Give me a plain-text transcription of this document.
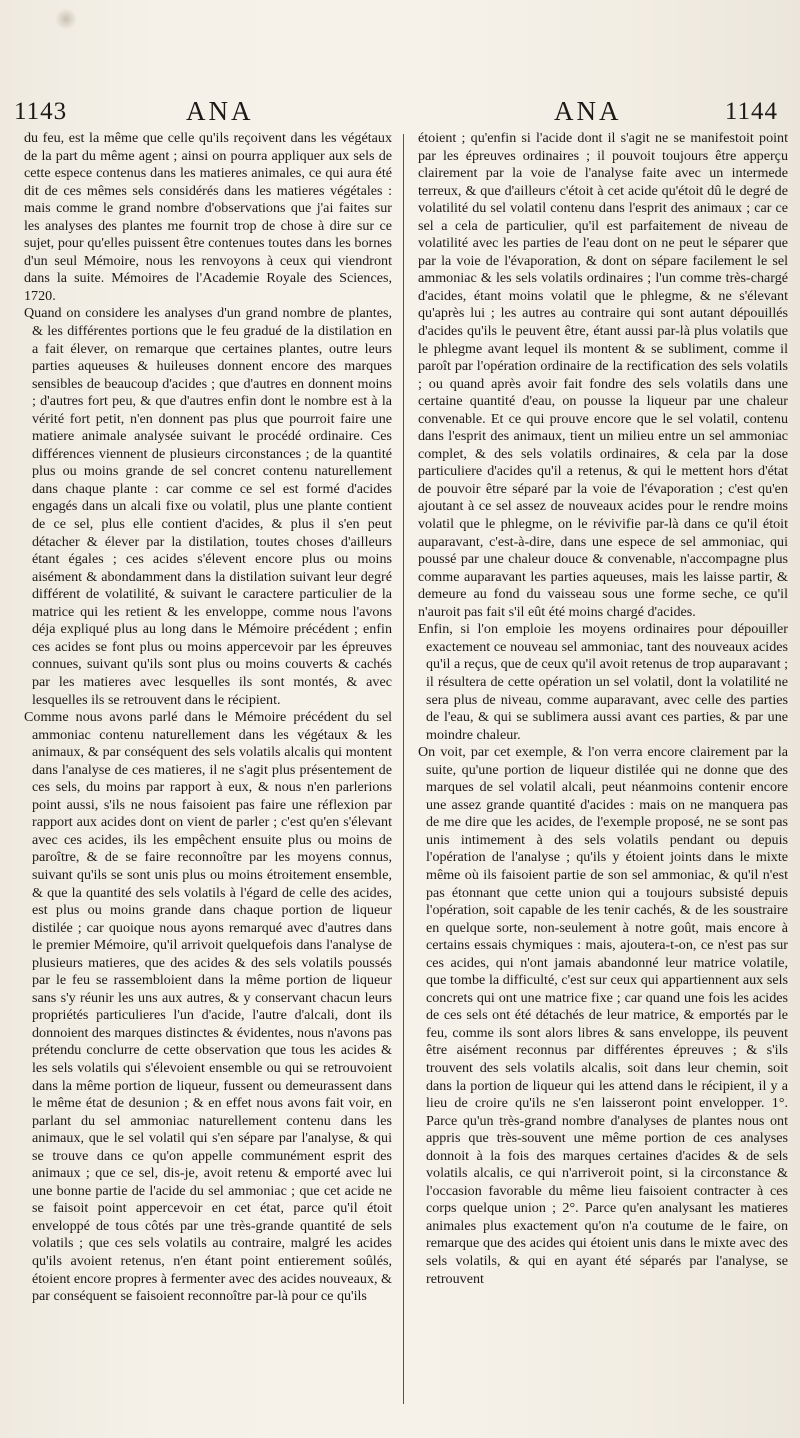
1143	ANA	ANA	1144

du feu, est la même que celle qu'ils reçoivent dans les végétaux de la part du même agent ; ainsi on pourra appliquer aux sels de cette espece contenus dans les matieres animales, ce qui aura été dit de ces mêmes sels considérés dans les matieres végétales : mais comme le grand nombre d'observations que j'ai faites sur les analyses des plantes me fournit trop de chose à dire sur ce sujet, pour qu'elles puissent être contenues toutes dans les bornes d'un seul Mémoire, nous les renvoyons à ceux qui viendront dans la suite. Mémoires de l'Academie Royale des Sciences, 1720.

Quand on considere les analyses d'un grand nombre de plantes, & les différentes portions que le feu gradué de la distilation en a fait élever, on remarque que certaines plantes, outre leurs parties aqueuses & huileuses donnent encore des marques sensibles de beaucoup d'acides ; que d'autres en donnent moins ; d'autres fort peu, & que d'autres enfin dont le nombre est à la vérité fort petit, n'en donnent pas plus que pourroit faire une matiere animale analysée suivant le procédé ordinaire. Ces différences viennent de plusieurs circonstances ; de la quantité plus ou moins grande de sel concret contenu naturellement dans chaque plante : car comme ce sel est formé d'acides engagés dans un alcali fixe ou volatil, plus une plante contient de ce sel, plus elle contient d'acides, & plus il s'en peut détacher & élever par la distilation, toutes choses d'ailleurs étant égales ; ces acides s'élevent encore plus ou moins aisément & abondamment dans la distilation suivant leur degré différent de volatilité, & suivant le caractere particulier de la matrice qui les retient & les enveloppe, comme nous l'avons déja expliqué plus au long dans le Mémoire précédent ; enfin ces acides se font plus ou moins appercevoir par les épreuves connues, suivant qu'ils sont plus ou moins couverts & cachés par les matieres avec lesquelles ils sont montés, & avec lesquelles ils se retrouvent dans le récipient.

Comme nous avons parlé dans le Mémoire précédent du sel ammoniac contenu naturellement dans les végétaux & les animaux, & par conséquent des sels volatils alcalis qui montent dans l'analyse de ces matieres, il ne s'agit plus présentement de ces sels, du moins par rapport à eux, & nous n'en parlerions point aussi, s'ils ne nous faisoient pas faire une réflexion par rapport aux acides dont on vient de parler ; c'est qu'en s'élevant avec ces acides, ils les empêchent ensuite plus ou moins de paroître, & de se faire reconnoître par les moyens connus, suivant qu'ils se sont unis plus ou moins étroitement ensemble, & que la quantité des sels volatils à l'égard de celle des acides, est plus ou moins grande dans chaque portion de liqueur distilée ; car quoique nous ayons remarqué avec d'autres dans le premier Mémoire, qu'il arrivoit quelquefois dans l'analyse de plusieurs matieres, que des acides & des sels volatils poussés par le feu se rassembloient dans la même portion de liqueur sans s'y réunir les uns aux autres, & y conservant chacun leurs propriétés particulieres l'un d'acide, l'autre d'alcali, dont ils donnoient des marques distinctes & évidentes, nous n'avons pas prétendu conclurre de cette observation que tous les acides & les sels volatils qui s'élevoient ensemble ou qui se retrouvoient dans la même portion de liqueur, fussent ou demeurassent dans le même état de desunion ; & en effet nous avons fait voir, en parlant du sel ammoniac naturellement contenu dans les animaux, que le sel volatil qui s'en sépare par l'analyse, & qui se trouve dans ce qu'on appelle communément esprit des animaux ; que ce sel, dis-je, avoit retenu & emporté avec lui une bonne partie de l'acide du sel ammoniac ; que cet acide ne se faisoit point appercevoir en cet état, parce qu'il étoit enveloppé de tous côtés par une très-grande quantité de sels volatils ; que ces sels volatils au contraire, malgré les acides qu'ils avoient retenus, n'en étant point entierement soûlés, étoient encore propres à fermenter avec des acides nouveaux, & par conséquent se faisoient reconnoître par-là pour ce qu'ils

étoient ; qu'enfin si l'acide dont il s'agit ne se manifestoit point par les épreuves ordinaires ; il pouvoit toujours être apperçu clairement par la voie de l'analyse faite avec un intermede terreux, & que d'ailleurs c'étoit à cet acide qu'étoit dû le degré de volatilité du sel volatil contenu dans l'esprit des animaux ; car ce sel a cela de particulier, qu'il est parfaitement de niveau de volatilité avec les parties de l'eau dont on ne peut le séparer que par la voie de l'évaporation, & dont on sépare facilement le sel ammoniac & les sels volatils ordinaires ; l'un comme très-chargé d'acides, étant moins volatil que le phlegme, & ne s'élevant qu'après lui ; les autres au contraire qui sont autant dépouillés d'acides qu'ils le peuvent être, étant aussi par-là plus volatils que le phlegme avant lequel ils montent & se subliment, comme il paroît par l'opération ordinaire de la rectification des sels volatils ; ou quand après avoir fait fondre des sels volatils dans une certaine quantité d'eau, on pousse la liqueur par une chaleur convenable. Et ce qui prouve encore que le sel volatil, contenu dans l'esprit des animaux, tient un milieu entre un sel ammoniac complet, & des sels volatils ordinaires, & cela par la dose particuliere d'acides qu'il a retenus, & qui le mettent hors d'état de pouvoir être séparé par la voie de l'évaporation ; c'est qu'en ajoutant à ce sel assez de nouveaux acides pour le rendre moins volatil que le phlegme, on le révivifie par-là dans ce qu'il étoit auparavant, c'est-à-dire, dans une espece de sel ammoniac, qui poussé par une chaleur douce & convenable, n'accompagne plus comme auparavant les parties aqueuses, mais les laisse partir, & demeure au fond du vaisseau sous une forme seche, ce qu'il n'auroit pas fait s'il eût été moins chargé d'acides.

Enfin, si l'on emploie les moyens ordinaires pour dépouiller exactement ce nouveau sel ammoniac, tant des nouveaux acides qu'il a reçus, que de ceux qu'il avoit retenus de trop auparavant ; il résultera de cette opération un sel volatil, dont la volatilité ne sera plus de niveau, comme auparavant, avec celle des parties de l'eau, & qui se sublimera aussi avant ces parties, & par une moindre chaleur.

On voit, par cet exemple, & l'on verra encore clairement par la suite, qu'une portion de liqueur distilée qui ne donne que des marques de sel volatil alcali, peut néanmoins contenir encore une assez grande quantité d'acides : mais on ne manquera pas de me dire que les acides, de l'exemple proposé, ne se sont pas unis intimement à des sels volatils pendant ou depuis l'opération de l'analyse ; qu'ils y étoient joints dans le mixte même où ils faisoient partie de son sel ammoniac, & qu'il n'est pas étonnant que cette union qui a toujours subsisté depuis l'opération, soit capable de les tenir cachés, & de les soustraire en quelque sorte, non-seulement à notre goût, mais encore à certains essais chymiques : mais, ajoutera-t-on, ce n'est pas sur ces acides, qui n'ont jamais abandonné leur matrice volatile, que tombe la difficulté, c'est sur ceux qui appartiennent aux sels concrets qui ont une matrice fixe ; car quand une fois les acides de ces sels ont été détachés de leur matrice, & emportés par le feu, comme ils sont alors libres & sans enveloppe, ils peuvent être aisément reconnus par différentes épreuves ; & s'ils trouvent des sels volatils alcalis, soit dans leur chemin, soit dans la portion de liqueur qui les attend dans le récipient, il y a lieu de croire qu'ils ne s'en laisseront point envelopper. 1°. Parce qu'un très-grand nombre d'analyses de plantes nous ont appris que très-souvent une même portion de ces analyses donnoit à la fois des marques certaines d'acides & de sels volatils alcalis, ce qui n'arriveroit point, si la circonstance & l'occasion favorable du même lieu faisoient contracter à ces corps quelque union ; 2°. Parce qu'en analysant les matieres animales plus exactement qu'on n'a coutume de le faire, on remarque que des acides qui étoient unis dans le mixte avec des sels volatils, & qui en ayant été séparés par l'analyse, se retrouvent
